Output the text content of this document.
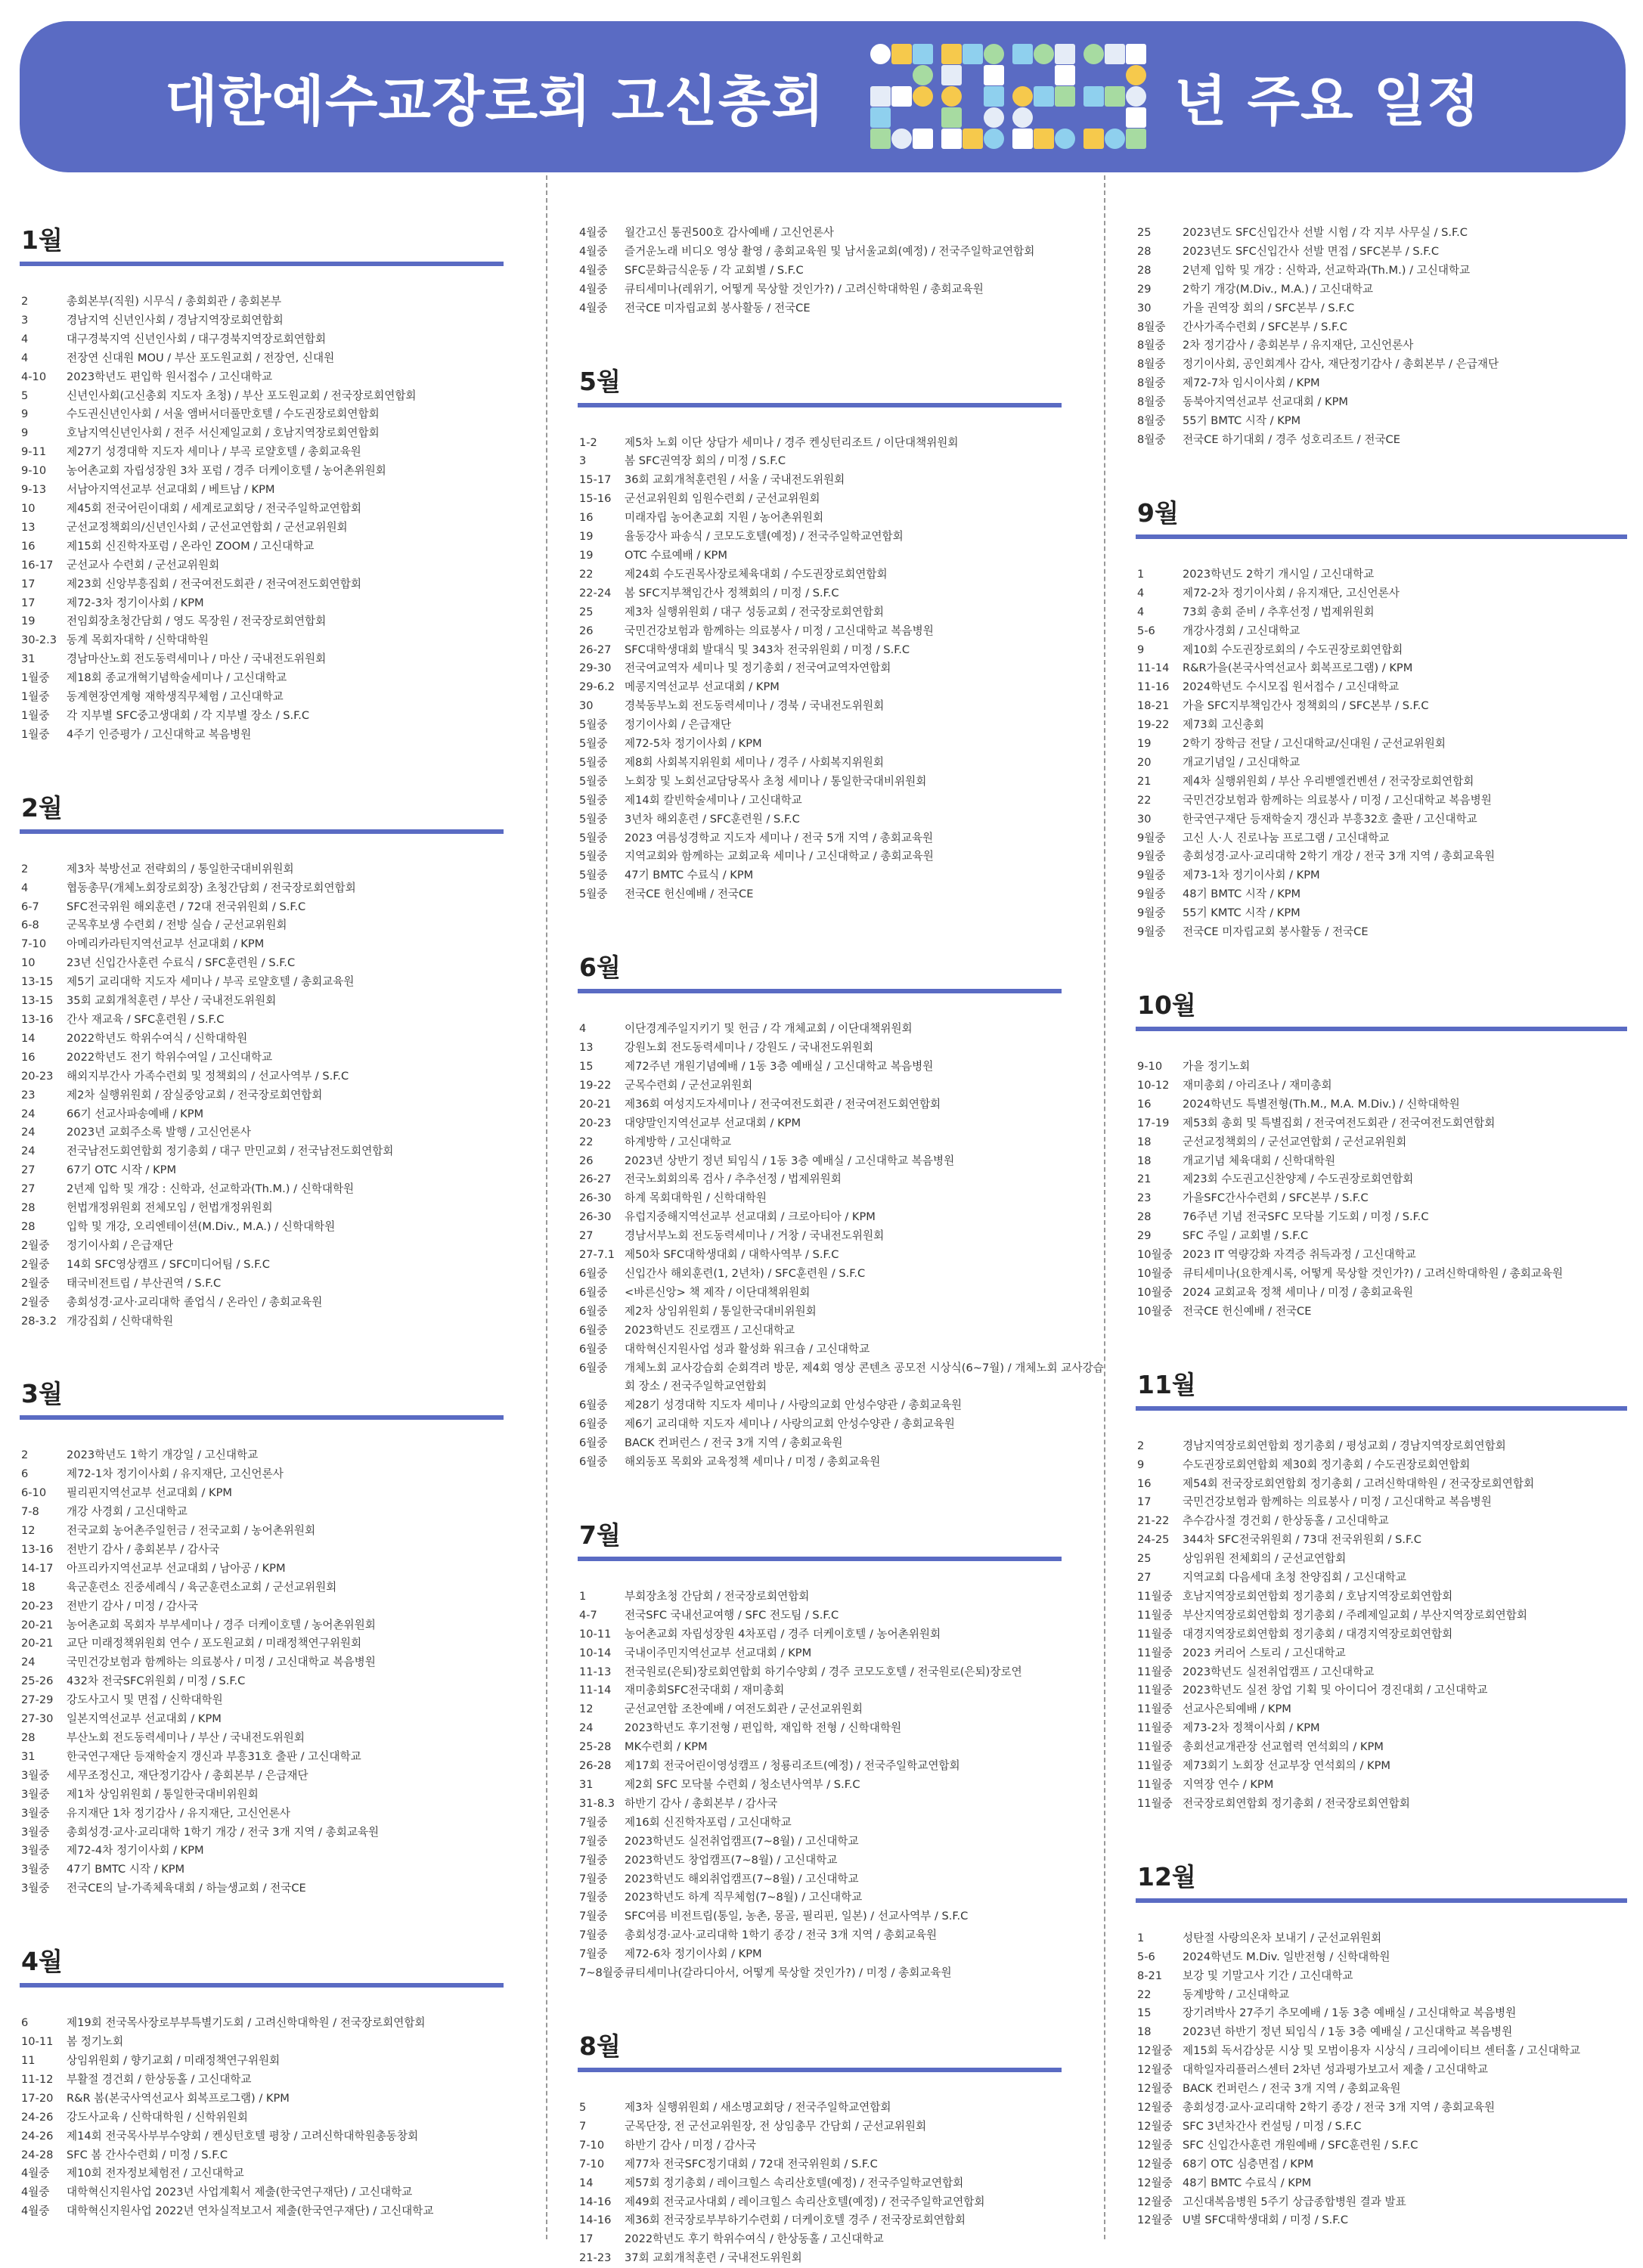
대한예수교장로회 고신총회	년 주요 일정
1월
2	총회본부(직원) 시무식 / 총회회관 / 총회본부
3	경남지역 신년인사회 / 경남지역장로회연합회
4	대구경북지역 신년인사회 / 대구경북지역장로회연합회
4	전장연 신대원 MOU / 부산 포도원교회 / 전장연, 신대원
4-10	2023학년도 편입학 원서접수 / 고신대학교
5	신년인사회(고신총회 지도자 초청) / 부산 포도원교회 / 전국장로회연합회
9	수도권신년인사회 / 서울 앰버서더풀만호텔 / 수도권장로회연합회
9	호남지역신년인사회 / 전주 서신제일교회 / 호남지역장로회연합회
9-11	제27기 성경대학 지도자 세미나 / 부곡 로얄호텔 / 총회교육원
9-10	농어촌교회 자립성장원 3차 포럼 / 경주 더케이호텔 / 농어촌위원회
9-13	서남아지역선교부 선교대회 / 베트남 / KPM
10	제45회 전국어린이대회 / 세계로교회당 / 전국주일학교연합회
13	군선교정책회의/신년인사회 / 군선교연합회 / 군선교위원회
16	제15회 신진학자포럼 / 온라인 ZOOM / 고신대학교
16-17	군선교사 수련회 / 군선교위원회
17	제23회 신앙부흥집회 / 전국여전도회관 / 전국여전도회연합회
17	제72-3차 정기이사회 / KPM
19	전임회장초청간담회 / 영도 목장원 / 전국장로회연합회
30-2.3 동계 목회자대학 / 신학대학원
31	경남마산노회 전도동력세미나 / 마산 / 국내전도위원회
1월중	제18회 종교개혁기념학술세미나 / 고신대학교
1월중	동계현장연계형 재학생직무체험 / 고신대학교
1월중	각 지부별 SFC중고생대회 / 각 지부별 장소 / S.F.C
1월중	4주기 인증평가 / 고신대학교 복음병원
2월
2	제3차 북방선교 전략회의 / 통일한국대비위원회
4	협동총무(개체노회장로회장) 초청간담회 / 전국장로회연합회
6-7	SFC전국위원 해외훈련 / 72대 전국위원회 / S.F.C
6-8	군목후보생 수련회 / 전방 실습 / 군선교위원회
7-10	아메리카라틴지역선교부 선교대회 / KPM
10	23년 신입간사훈련 수료식 / SFC훈련원 / S.F.C
13-15	제5기 교리대학 지도자 세미나 / 부곡 로얄호텔 / 총회교육원
13-15	35회 교회개척훈련 / 부산 / 국내전도위원회
13-16	간사 재교육 / SFC훈련원 / S.F.C
14	2022학년도 학위수여식 / 신학대학원
16	2022학년도 전기 학위수여일 / 고신대학교
20-23	해외지부간사 가족수련회 및 정책회의 / 선교사역부 / S.F.C
23	제2차 실행위원회 / 잠실중앙교회 / 전국장로회연합회
24	66기 선교사파송예배 / KPM
24	2023년 교회주소록 발행 / 고신언론사
24	전국남전도회연합회 정기총회 / 대구 만민교회 / 전국남전도회연합회
27	67기 OTC 시작 / KPM
27	2년제 입학 및 개강 : 신학과, 선교학과(Th.M.) / 신학대학원
28	헌법개정위원회 전체모임 / 헌법개정위원회
28	입학 및 개강, 오리엔테이션(M.Div., M.A.) / 신학대학원
2월중	정기이사회 / 은급재단
2월중	14회 SFC영상캠프 / SFC미디어팀 / S.F.C
2월중	태국비전트립 / 부산권역 / S.F.C
2월중	총회성경·교사·교리대학 졸업식 / 온라인 / 총회교육원
28-3.2 개강집회 / 신학대학원
3월
2	2023학년도 1학기 개강일 / 고신대학교
6	제72-1차 정기이사회 / 유지재단, 고신언론사
6-10	필리핀지역선교부 선교대회 / KPM
7-8	개강 사경회 / 고신대학교
12	전국교회 농어촌주일헌금 / 전국교회 / 농어촌위원회
13-16	전반기 감사 / 총회본부 / 감사국
14-17	아프리카지역선교부 선교대회 / 남아공 / KPM
18	육군훈련소 진중세례식 / 육군훈련소교회 / 군선교위원회
20-23	전반기 감사 / 미정 / 감사국
20-21	농어촌교회 목회자 부부세미나 / 경주 더케이호텔 / 농어촌위원회
20-21	교단 미래정책위원회 연수 / 포도원교회 / 미래정책연구위원회
24	국민건강보험과 함께하는 의료봉사 / 미정 / 고신대학교 복음병원
25-26	432차 전국SFC위원회 / 미정 / S.F.C
27-29	강도사고시 및 면접 / 신학대학원
27-30	일본지역선교부 선교대회 / KPM
28	부산노회 전도동력세미나 / 부산 / 국내전도위원회
31	한국연구재단 등재학술지 갱신과 부흥31호 출판 / 고신대학교
3월중	세무조정신고, 재단정기감사 / 총회본부 / 은급재단
3월중	제1차 상임위원회 / 통일한국대비위원회
3월중	유지재단 1차 정기감사 / 유지재단, 고신언론사
3월중	총회성경·교사·교리대학 1학기 개강 / 전국 3개 지역 / 총회교육원
3월중	제72-4차 정기이사회 / KPM
3월중	47기 BMTC 시작 / KPM
3월중	전국CE의 날-가족체육대회 / 하늘생교회 / 전국CE
4월
6	제19회 전국목사장로부부특별기도회 / 고려신학대학원 / 전국장로회연합회
10-11	봄 정기노회
11	상임위원회 / 향기교회 / 미래정책연구위원회
11-12	부활절 경건회 / 한상동홀 / 고신대학교
17-20	R&R 봄(본국사역선교사 회복프로그램) / KPM
24-26	강도사교육 / 신학대학원 / 신학위원회
24-26	제14회 전국목사부부수양회 / 켄싱턴호텔 평창 / 고려신학대학원총동창회
24-28	SFC 봄 간사수련회 / 미정 / S.F.C
4월중	제10회 전자정보체험전 / 고신대학교
4월중	대학혁신지원사업 2023년 사업계획서 제출(한국연구재단) / 고신대학교
4월중	대학혁신지원사업 2022년 연차실적보고서 제출(한국연구재단) / 고신대학교
4월중	월간고신 통권500호 감사예배 / 고신언론사
4월중	즐거운노래 비디오 영상 촬영 / 총회교육원 및 남서울교회(예정) / 전국주일학교연합회
4월중	SFC문화금식운동 / 각 교회별 / S.F.C
4월중	큐티세미나(레위기, 어떻게 묵상할 것인가?) / 고려신학대학원 / 총회교육원
4월중	전국CE 미자립교회 봉사활동 / 전국CE
5월
1-2	제5차 노회 이단 상담가 세미나 / 경주 켄싱턴리조트 / 이단대책위원회
3	봄 SFC권역장 회의 / 미정 / S.F.C
15-17	36회 교회개척훈련원 / 서울 / 국내전도위원회
15-16	군선교위원회 임원수련회 / 군선교위원회
16	미래자립 농어촌교회 지원 / 농어촌위원회
19	율동강사 파송식 / 코모도호텔(예정) / 전국주일학교연합회
19	OTC 수료예배 / KPM
22	제24회 수도권목사장로체육대회 / 수도권장로회연합회
22-24	봄 SFC지부책임간사 정책회의 / 미정 / S.F.C
25	제3차 실행위원회 / 대구 성동교회 / 전국장로회연합회
26	국민건강보험과 함께하는 의료봉사 / 미정 / 고신대학교 복음병원
26-27	SFC대학생대회 발대식 및 343차 전국위원회 / 미정 / S.F.C
29-30	전국여교역자 세미나 및 정기총회 / 전국여교역자연합회
29-6.2 메콩지역선교부 선교대회 / KPM
30	경북동부노회 전도동력세미나 / 경북 / 국내전도위원회
5월중	정기이사회 / 은급재단
5월중	제72-5차 정기이사회 / KPM
5월중	제8회 사회복지위원회 세미나 / 경주 / 사회복지위원회
5월중	노회장 및 노회선교담당목사 초청 세미나 / 통일한국대비위원회
5월중	제14회 칼빈학술세미나 / 고신대학교
5월중	3년차 해외훈련 / SFC훈련원 / S.F.C
5월중	2023 여름성경학교 지도자 세미나 / 전국 5개 지역 / 총회교육원
5월중	지역교회와 함께하는 교회교육 세미나 / 고신대학교 / 총회교육원
5월중	47기 BMTC 수료식 / KPM
5월중	전국CE 헌신예배 / 전국CE
6월
4	이단경계주일지키기 및 헌금 / 각 개체교회 / 이단대책위원회
13	강원노회 전도동력세미나 / 강원도 / 국내전도위원회
15	제72주년 개원기념예배 / 1동 3층 예배실 / 고신대학교 복음병원
19-22	군목수련회 / 군선교위원회
20-21	제36회 여성지도자세미나 / 전국여전도회관 / 전국여전도회연합회
20-23	대양말인지역선교부 선교대회 / KPM
22	하계방학 / 고신대학교
26	2023년 상반기 정년 퇴임식 / 1동 3층 예배실 / 고신대학교 복음병원
26-27	전국노회회의록 검사 / 추추선정 / 법제위원회
26-30	하계 목회대학원 / 신학대학원
26-30	유럽지중해지역선교부 선교대회 / 크로아티아 / KPM
27	경남서부노회 전도동력세미나 / 거창 / 국내전도위원회
27-7.1 제50차 SFC대학생대회 / 대학사역부 / S.F.C
6월중	신입간사 해외훈련(1, 2년차) / SFC훈련원 / S.F.C
6월중	<바른신앙> 책 제작 / 이단대책위원회
6월중	제2차 상임위원회 / 통일한국대비위원회
6월중	2023학년도 진로캠프 / 고신대학교
6월중	대학혁신지원사업 성과 활성화 워크숍 / 고신대학교
6월중	개체노회 교사강습회 순회격려 방문, 제4회 영상 콘텐츠 공모전 시상식(6~7월) / 개체노회 교사강습회 장소 / 전국주일학교연합회
6월중	제28기 성경대학 지도자 세미나 / 사랑의교회 안성수양관 / 총회교육원
6월중	제6기 교리대학 지도자 세미나 / 사랑의교회 안성수양관 / 총회교육원
6월중	BACK 컨퍼런스 / 전국 3개 지역 / 총회교육원
6월중	해외동포 목회와 교육정책 세미나 / 미정 / 총회교육원
7월
1	부회장초청 간담회 / 전국장로회연합회
4-7	전국SFC 국내선교여행 / SFC 전도팀 / S.F.C
10-11	농어촌교회 자립성장원 4차포럼 / 경주 더케이호텔 / 농어촌위원회
10-14	국내이주민지역선교부 선교대회 / KPM
11-13	전국원로(은퇴)장로회연합회 하기수양회 / 경주 코모도호텔 / 전국원로(은퇴)장로연
11-14	재미총회SFC전국대회 / 재미총회
12	군선교연합 조찬예배 / 여전도회관 / 군선교위원회
24	2023학년도 후기전형 / 편입학, 재입학 전형 / 신학대학원
25-28	MK수련회 / KPM
26-28	제17회 전국어린이영성캠프 / 청룡리조트(예정) / 전국주일학교연합회
31	제2회 SFC 모닥불 수련회 / 청소년사역부 / S.F.C
31-8.3 하반기 감사 / 총회본부 / 감사국
7월중	제16회 신진학자포럼 / 고신대학교
7월중	2023학년도 실전취업캠프(7~8월) / 고신대학교
7월중	2023학년도 창업캠프(7~8월) / 고신대학교
7월중	2023학년도 해외취업캠프(7~8월) / 고신대학교
7월중	2023학년도 하계 직무체험(7~8월) / 고신대학교
7월중	SFC여름 비전트립(통일, 농촌, 몽골, 필리핀, 일본) / 선교사역부 / S.F.C
7월중	총회성경·교사·교리대학 1학기 종강 / 전국 3개 지역 / 총회교육원
7월중	제72-6차 정기이사회 / KPM
7~8월중 큐티세미나(갈라디아서, 어떻게 묵상할 것인가?) / 미정 / 총회교육원
8월
5	제3차 실행위원회 / 새소명교회당 / 전국주일학교연합회
7	군목단장, 전 군선교위원장, 전 상임총무 간담회 / 군선교위원회
7-10	하반기 감사 / 미정 / 감사국
7-10	제77차 전국SFC정기대회 / 72대 전국위원회 / S.F.C
14	제57회 정기총회 / 레이크힐스 속리산호텔(예정) / 전국주일학교연합회
14-16	제49회 전국교사대회 / 레이크힐스 속리산호텔(예정) / 전국주일학교연합회
14-16	제36회 전국장로부부하기수련회 / 더케이호텔 경주 / 전국장로회연합회
17	2022학년도 후기 학위수여식 / 한상동홀 / 고신대학교
21-23	37회 교회개척훈련 / 국내전도위원회
25	2023년도 SFC신입간사 선발 시험 / 각 지부 사무실 / S.F.C
28	2023년도 SFC신입간사 선발 면접 / SFC본부 / S.F.C
28	2년제 입학 및 개강 : 신학과, 선교학과(Th.M.) / 고신대학교
29	2학기 개강(M.Div., M.A.) / 고신대학교
30	가을 권역장 회의 / SFC본부 / S.F.C
8월중	간사가족수련회 / SFC본부 / S.F.C
8월중	2차 정기감사 / 총회본부 / 유지재단, 고신언론사
8월중	정기이사회, 공인회계사 감사, 재단정기감사 / 총회본부 / 은급재단
8월중	제72-7차 임시이사회 / KPM
8월중	동북아지역선교부 선교대회 / KPM
8월중	55기 BMTC 시작 / KPM
8월중	전국CE 하기대회 / 경주 성호리조트 / 전국CE
9월
1	2023학년도 2학기 개시일 / 고신대학교
4	제72-2차 정기이사회 / 유지재단, 고신언론사
4	73회 총회 준비 / 추후선정 / 법제위원회
5-6	개강사경회 / 고신대학교
9	제10회 수도권장로회의 / 수도권장로회연합회
11-14	R&R가을(본국사역선교사 회복프로그램) / KPM
11-16	2024학년도 수시모집 원서접수 / 고신대학교
18-21	가을 SFC지부책임간사 정책회의 / SFC본부 / S.F.C
19-22	제73회 고신총회
19	2학기 장학금 전달 / 고신대학교/신대원 / 군선교위원회
20	개교기념일 / 고신대학교
21	제4차 실행위원회 / 부산 우리벧엘컨벤션 / 전국장로회연합회
22	국민건강보험과 함께하는 의료봉사 / 미정 / 고신대학교 복음병원
30	한국연구재단 등재학술지 갱신과 부흥32호 출판 / 고신대학교
9월중	고신 人·人 진로나눔 프로그램 / 고신대학교
9월중	총회성경·교사·교리대학 2학기 개강 / 전국 3개 지역 / 총회교육원
9월중	제73-1차 정기이사회 / KPM
9월중	48기 BMTC 시작 / KPM
9월중	55기 KMTC 시작 / KPM
9월중	전국CE 미자립교회 봉사활동 / 전국CE
10월
9-10	가을 정기노회
10-12	재미총회 / 아리조나 / 재미총회
16	2024학년도 특별전형(Th.M., M.A. M.Div.) / 신학대학원
17-19	제53회 총회 및 특별집회 / 전국여전도회관 / 전국여전도회연합회
18	군선교정책회의 / 군선교연합회 / 군선교위원회
18	개교기념 체육대회 / 신학대학원
21	제23회 수도권고신찬양제 / 수도권장로회연합회
23	가을SFC간사수련회 / SFC본부 / S.F.C
28	76주년 기념 전국SFC 모닥불 기도회 / 미정 / S.F.C
29	SFC 주일 / 교회별 / S.F.C
10월중 2023 IT 역량강화 자격증 취득과정 / 고신대학교
10월중 큐티세미나(요한계시록, 어떻게 묵상할 것인가?) / 고려신학대학원 / 총회교육원
10월중 2024 교회교육 정책 세미나 / 미정 / 총회교육원
10월중 전국CE 헌신예배 / 전국CE
11월
2	경남지역장로회연합회 정기총회 / 평성교회 / 경남지역장로회연합회
9	수도권장로회연합회 제30회 정기총회 / 수도권장로회연합회
16	제54회 전국장로회연합회 정기총회 / 고려신학대학원 / 전국장로회연합회
17	국민건강보험과 함께하는 의료봉사 / 미정 / 고신대학교 복음병원
21-22	추수감사절 경건회 / 한상동홀 / 고신대학교
24-25	344차 SFC전국위원회 / 73대 전국위원회 / S.F.C
25	상임위원 전체회의 / 군선교연합회
27	지역교회 다음세대 초청 찬양집회 / 고신대학교
11월중 호남지역장로회연합회 정기총회 / 호남지역장로회연합회
11월중 부산지역장로회연합회 정기총회 / 주례제일교회 / 부산지역장로회연합회
11월중 대경지역장로회연합회 정기총회 / 대경지역장로회연합회
11월중 2023 커리어 스토리 / 고신대학교
11월중 2023학년도 실전취업캠프 / 고신대학교
11월중 2023학년도 실전 창업 기획 및 아이디어 경진대회 / 고신대학교
11월중 선교사은퇴예배 / KPM
11월중 제73-2차 정책이사회 / KPM
11월중 총회선교개관장 선교협력 연석회의 / KPM
11월중 제73회기 노회장 선교부장 연석회의 / KPM
11월중 지역장 연수 / KPM
11월중 전국장로회연합회 정기총회 / 전국장로회연합회
12월
1	성탄절 사랑의온차 보내기 / 군선교위원회
5-6	2024학년도 M.Div. 일반전형 / 신학대학원
8-21	보강 및 기말고사 기간 / 고신대학교
22	동계방학 / 고신대학교
15	장기려박사 27주기 추모예배 / 1동 3층 예배실 / 고신대학교 복음병원
18	2023년 하반기 정년 퇴임식 / 1동 3층 예배실 / 고신대학교 복음병원
12월중 제15회 독서감상문 시상 및 모범이용자 시상식 / 크리에이티브 센터홀 / 고신대학교
12월중 대학일자리플러스센터 2차년 성과평가보고서 제출 / 고신대학교
12월중 BACK 컨퍼런스 / 전국 3개 지역 / 총회교육원
12월중 총회성경·교사·교리대학 2학기 종강 / 전국 3개 지역 / 총회교육원
12월중 SFC 3년차간사 컨설팅 / 미정 / S.F.C
12월중 SFC 신입간사훈련 개원예배 / SFC훈련원 / S.F.C
12월중 68기 OTC 심층면접 / KPM
12월중 48기 BMTC 수료식 / KPM
12월중 고신대복음병원 5주기 상급종합병원 결과 발표
12월중 U별 SFC대학생대회 / 미정 / S.F.C
